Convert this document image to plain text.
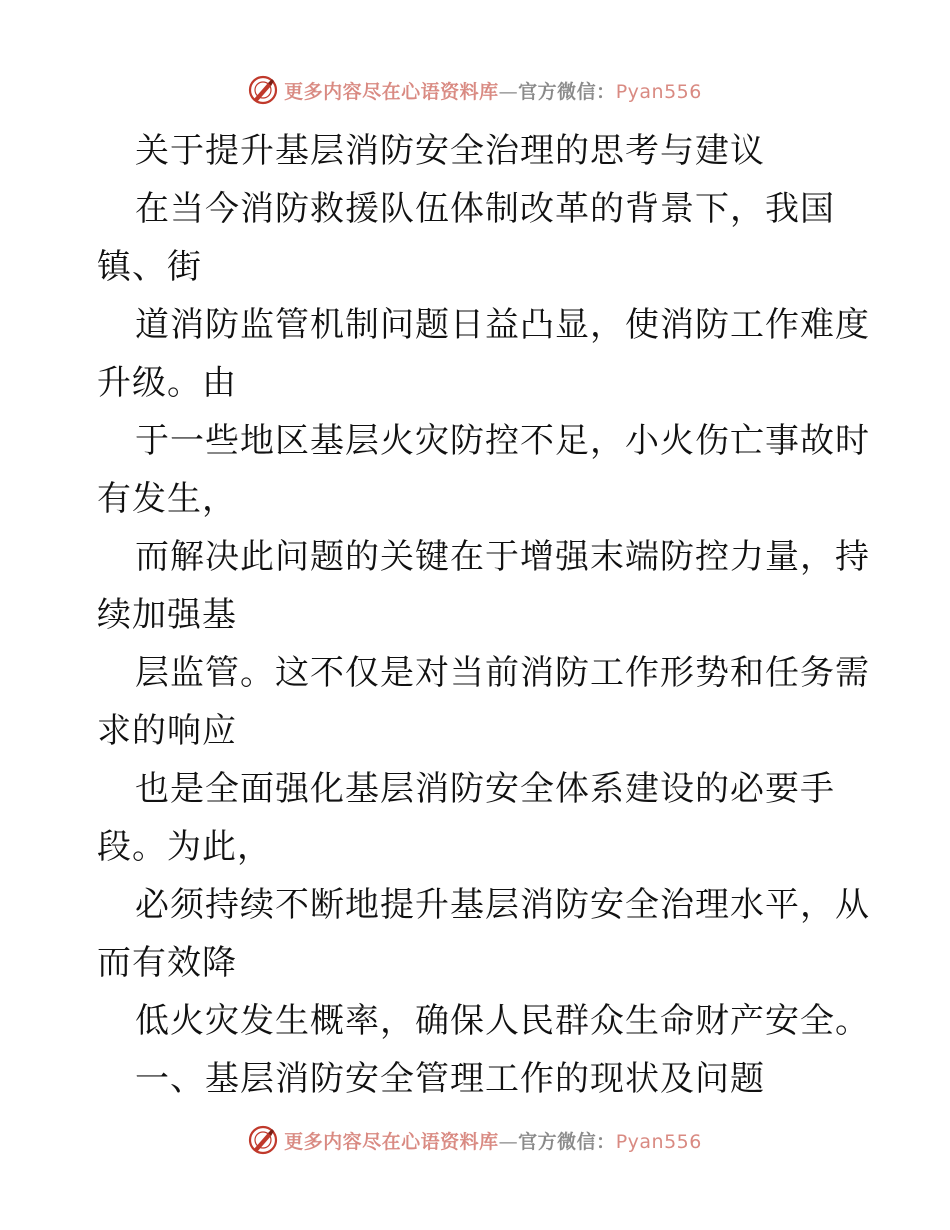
更多内容尽在心语资料库—官方微信：Pyan556
关于提升基层消防安全治理的思考与建议
在当今消防救援队伍体制改革的背景下，我国
镇、街
道消防监管机制问题日益凸显，使消防工作难度
升级。由
于一些地区基层火灾防控不足，小火伤亡事故时
有发生，
而解决此问题的关键在于增强末端防控力量，持
续加强基
层监管。这不仅是对当前消防工作形势和任务需
求的响应
也是全面强化基层消防安全体系建设的必要手
段。为此，
必须持续不断地提升基层消防安全治理水平，从
而有效降
低火灾发生概率，确保人民群众生命财产安全。
一、基层消防安全管理工作的现状及问题
更多内容尽在心语资料库—官方微信：Pyan556
